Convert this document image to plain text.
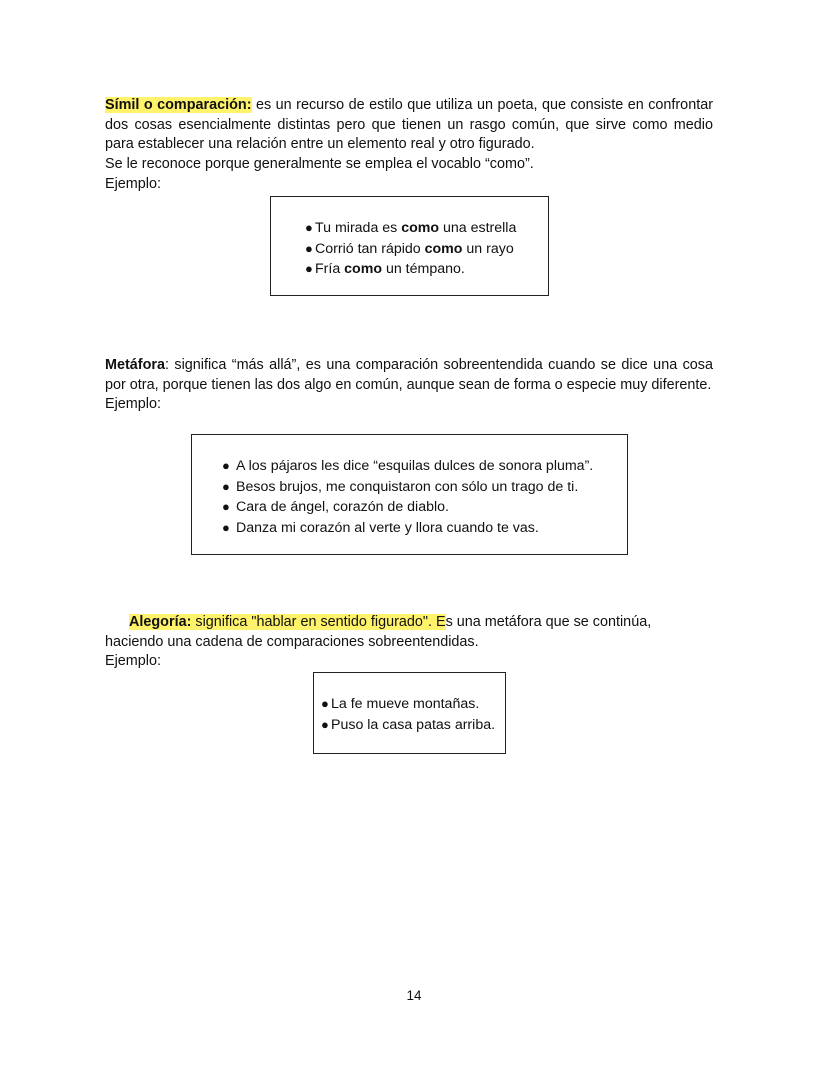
Símil o comparación: es un recurso de estilo que utiliza un poeta, que consiste en confrontar dos cosas esencialmente distintas pero que tienen un rasgo común, que sirve como medio para establecer una relación entre un elemento real y otro figurado.

Se le reconoce porque generalmente se emplea el vocablo “como”.

Ejemplo:

● Tu mirada es como una estrella
● Corrió tan rápido como un rayo
● Fría como un témpano.

Metáfora: significa “más allá”, es una comparación sobreentendida cuando se dice una cosa por otra, porque tienen las dos algo en común, aunque sean de forma o especie muy diferente.

Ejemplo:

● A los pájaros les dice “esquilas dulces de sonora pluma”.
● Besos brujos, me conquistaron con sólo un trago de ti.
● Cara de ángel, corazón de diablo.
● Danza mi corazón al verte y llora cuando te vas.

Alegoría: significa "hablar en sentido figurado". Es una metáfora que se continúa, haciendo una cadena de comparaciones sobreentendidas.

Ejemplo:

● La fe mueve montañas.
● Puso la casa patas arriba.
14
